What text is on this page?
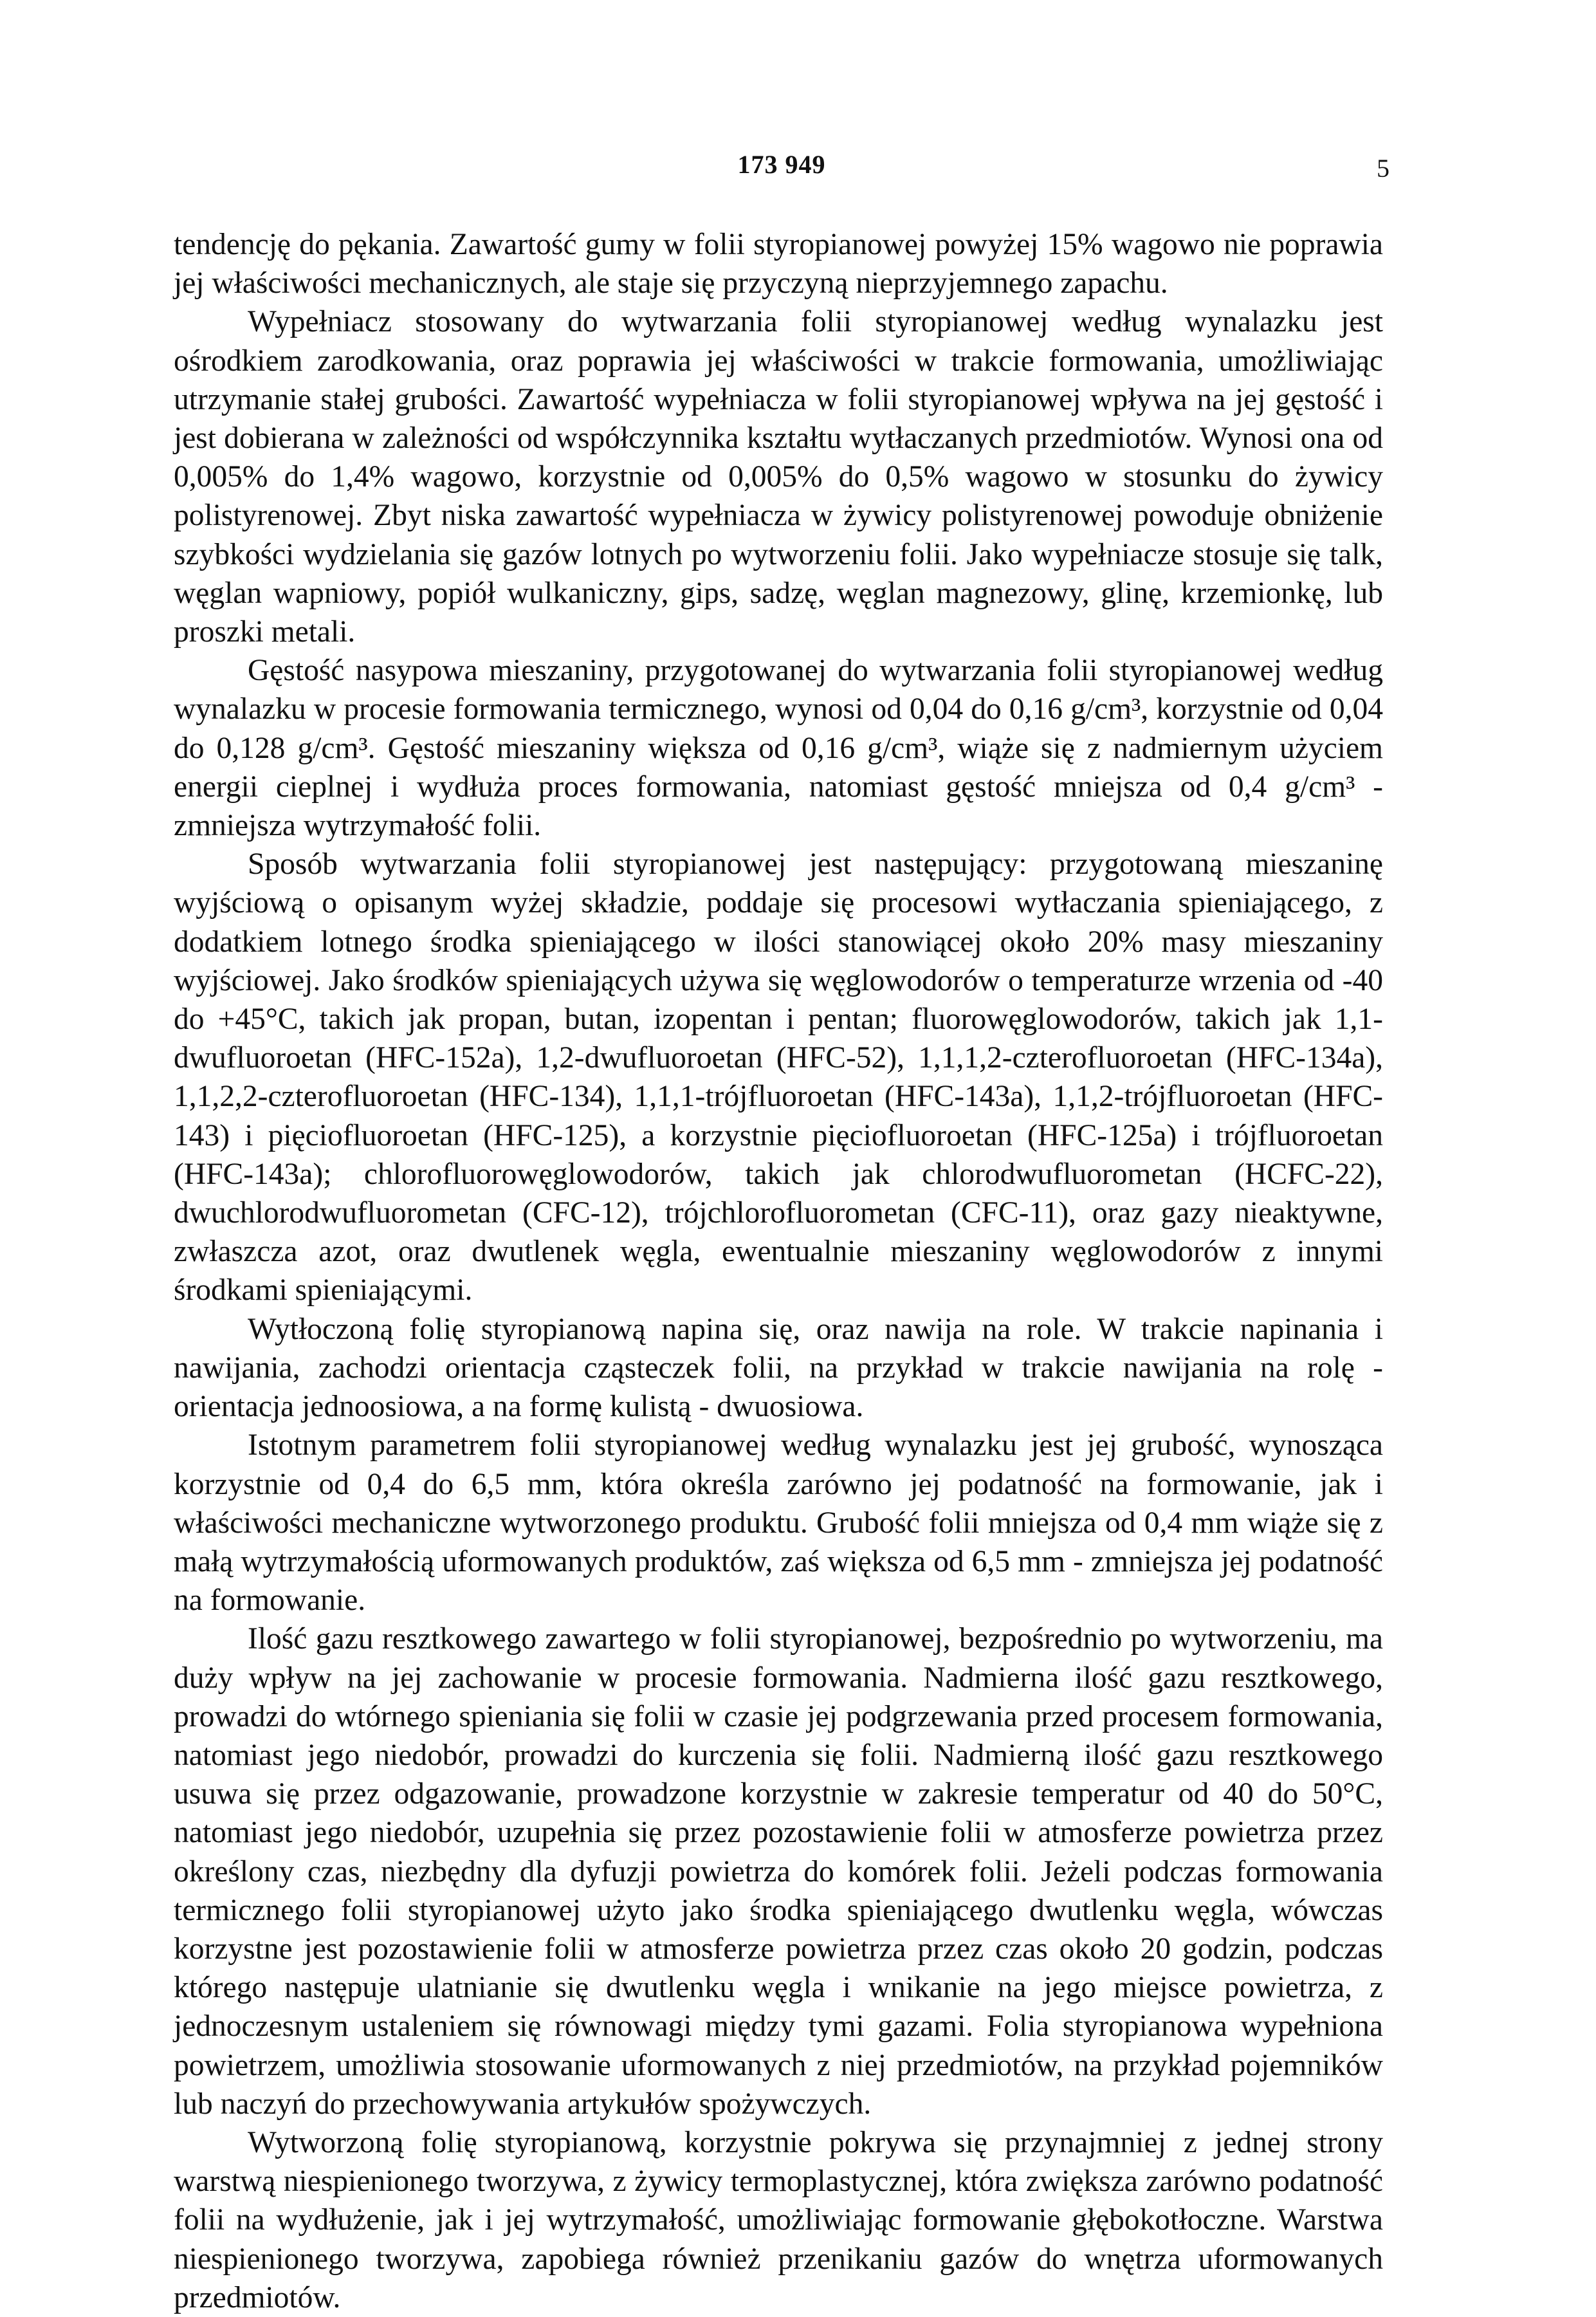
173 949	5

tendencję do pękania. Zawartość gumy w folii styropianowej powyżej 15% wagowo nie poprawia jej właściwości mechanicznych, ale staje się przyczyną nieprzyjemnego zapachu.

Wypełniacz stosowany do wytwarzania folii styropianowej według wynalazku jest ośrodkiem zarodkowania, oraz poprawia jej właściwości w trakcie formowania, umożliwiając utrzymanie stałej grubości. Zawartość wypełniacza w folii styropianowej wpływa na jej gęstość i jest dobierana w zależności od współczynnika kształtu wytłaczanych przedmiotów. Wynosi ona od 0,005% do 1,4% wagowo, korzystnie od 0,005% do 0,5% wagowo w stosunku do żywicy polistyrenowej. Zbyt niska zawartość wypełniacza w żywicy polistyrenowej powoduje obniżenie szybkości wydzielania się gazów lotnych po wytworzeniu folii. Jako wypełniacze stosuje się talk, węglan wapniowy, popiół wulkaniczny, gips, sadzę, węglan magnezowy, glinę, krzemionkę, lub proszki metali.

Gęstość nasypowa mieszaniny, przygotowanej do wytwarzania folii styropianowej według wynalazku w procesie formowania termicznego, wynosi od 0,04 do 0,16 g/cm³, korzystnie od 0,04 do 0,128 g/cm³. Gęstość mieszaniny większa od 0,16 g/cm³, wiąże się z nadmiernym użyciem energii cieplnej i wydłuża proces formowania, natomiast gęstość mniejsza od 0,4 g/cm³ - zmniejsza wytrzymałość folii.

Sposób wytwarzania folii styropianowej jest następujący: przygotowaną mieszaninę wyjściową o opisanym wyżej składzie, poddaje się procesowi wytłaczania spieniającego, z dodatkiem lotnego środka spieniającego w ilości stanowiącej około 20% masy mieszaniny wyjściowej. Jako środków spieniających używa się węglowodorów o temperaturze wrzenia od -40 do +45°C, takich jak propan, butan, izopentan i pentan; fluorowęglowodorów, takich jak 1,1-dwufluoroetan (HFC-152a), 1,2-dwufluoroetan (HFC-52), 1,1,1,2-czterofluoroetan (HFC-134a), 1,1,2,2-czterofluoroetan (HFC-134), 1,1,1-trójfluoroetan (HFC-143a), 1,1,2-trójfluoroetan (HFC-143) i pięciofluoroetan (HFC-125), a korzystnie pięciofluoroetan (HFC-125a) i trójfluoroetan (HFC-143a); chlorofluorowęglowodorów, takich jak chlorodwufluorometan (HCFC-22), dwuchlorodwufluorometan (CFC-12), trójchlorofluorometan (CFC-11), oraz gazy nieaktywne, zwłaszcza azot, oraz dwutlenek węgla, ewentualnie mieszaniny węglowodorów z innymi środkami spieniającymi.

Wytłoczoną folię styropianową napina się, oraz nawija na role. W trakcie napinania i nawijania, zachodzi orientacja cząsteczek folii, na przykład w trakcie nawijania na rolę - orientacja jednoosiowa, a na formę kulistą - dwuosiowa.

Istotnym parametrem folii styropianowej według wynalazku jest jej grubość, wynosząca korzystnie od 0,4 do 6,5 mm, która określa zarówno jej podatność na formowanie, jak i właściwości mechaniczne wytworzonego produktu. Grubość folii mniejsza od 0,4 mm wiąże się z małą wytrzymałością uformowanych produktów, zaś większa od 6,5 mm - zmniejsza jej podatność na formowanie.

Ilość gazu resztkowego zawartego w folii styropianowej, bezpośrednio po wytworzeniu, ma duży wpływ na jej zachowanie w procesie formowania. Nadmierna ilość gazu resztkowego, prowadzi do wtórnego spieniania się folii w czasie jej podgrzewania przed procesem formowania, natomiast jego niedobór, prowadzi do kurczenia się folii. Nadmierną ilość gazu resztkowego usuwa się przez odgazowanie, prowadzone korzystnie w zakresie temperatur od 40 do 50°C, natomiast jego niedobór, uzupełnia się przez pozostawienie folii w atmosferze powietrza przez określony czas, niezbędny dla dyfuzji powietrza do komórek folii. Jeżeli podczas formowania termicznego folii styropianowej użyto jako środka spieniającego dwutlenku węgla, wówczas korzystne jest pozostawienie folii w atmosferze powietrza przez czas około 20 godzin, podczas którego następuje ulatnianie się dwutlenku węgla i wnikanie na jego miejsce powietrza, z jednoczesnym ustaleniem się równowagi między tymi gazami. Folia styropianowa wypełniona powietrzem, umożliwia stosowanie uformowanych z niej przedmiotów, na przykład pojemników lub naczyń do przechowywania artykułów spożywczych.

Wytworzoną folię styropianową, korzystnie pokrywa się przynajmniej z jednej strony warstwą niespienionego tworzywa, z żywicy termoplastycznej, która zwiększa zarówno podatność folii na wydłużenie, jak i jej wytrzymałość, umożliwiając formowanie głębokotłoczne. Warstwa niespienionego tworzywa, zapobiega również przenikaniu gazów do wnętrza uformowanych przedmiotów.
